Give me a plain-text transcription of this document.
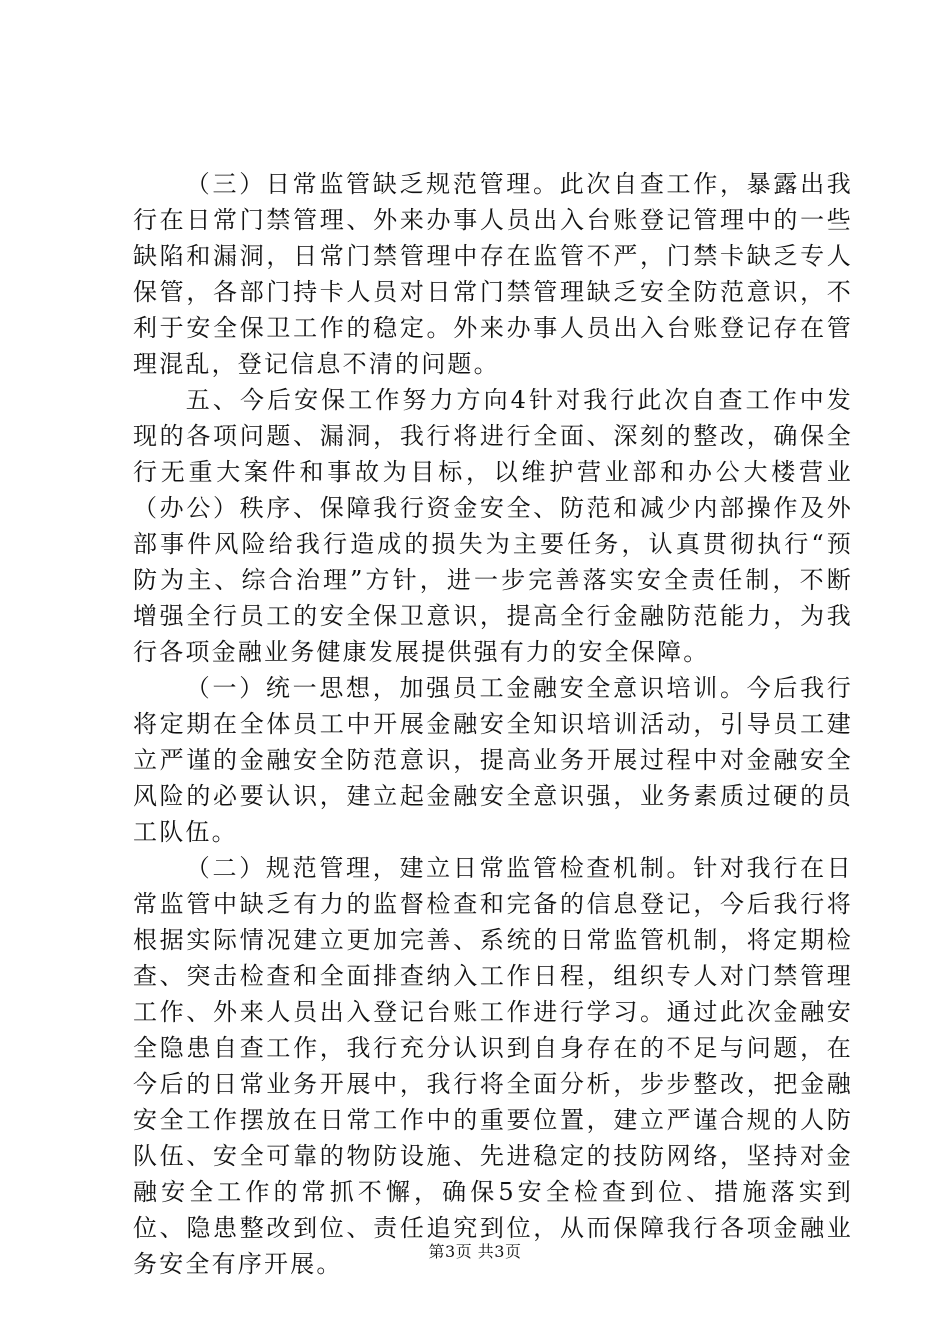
（三）日常监管缺乏规范管理。此次自查工作，暴露出我行在日常门禁管理、外来办事人员出入台账登记管理中的一些缺陷和漏洞，日常门禁管理中存在监管不严，门禁卡缺乏专人保管，各部门持卡人员对日常门禁管理缺乏安全防范意识，不利于安全保卫工作的稳定。外来办事人员出入台账登记存在管理混乱，登记信息不清的问题。

五、今后安保工作努力方向4针对我行此次自查工作中发现的各项问题、漏洞，我行将进行全面、深刻的整改，确保全行无重大案件和事故为目标，以维护营业部和办公大楼营业（办公）秩序、保障我行资金安全、防范和减少内部操作及外部事件风险给我行造成的损失为主要任务，认真贯彻执行“预防为主、综合治理”方针，进一步完善落实安全责任制，不断增强全行员工的安全保卫意识，提高全行金融防范能力，为我行各项金融业务健康发展提供强有力的安全保障。

（一）统一思想，加强员工金融安全意识培训。今后我行将定期在全体员工中开展金融安全知识培训活动，引导员工建立严谨的金融安全防范意识，提高业务开展过程中对金融安全风险的必要认识，建立起金融安全意识强，业务素质过硬的员工队伍。

（二）规范管理，建立日常监管检查机制。针对我行在日常监管中缺乏有力的监督检查和完备的信息登记，今后我行将根据实际情况建立更加完善、系统的日常监管机制，将定期检查、突击检查和全面排查纳入工作日程，组织专人对门禁管理工作、外来人员出入登记台账工作进行学习。通过此次金融安全隐患自查工作，我行充分认识到自身存在的不足与问题，在今后的日常业务开展中，我行将全面分析，步步整改，把金融安全工作摆放在日常工作中的重要位置，建立严谨合规的人防队伍、安全可靠的物防设施、先进稳定的技防网络，坚持对金融安全工作的常抓不懈，确保5安全检查到位、措施落实到位、隐患整改到位、责任追究到位，从而保障我行各项金融业务安全有序开展。	第3页 共3页
